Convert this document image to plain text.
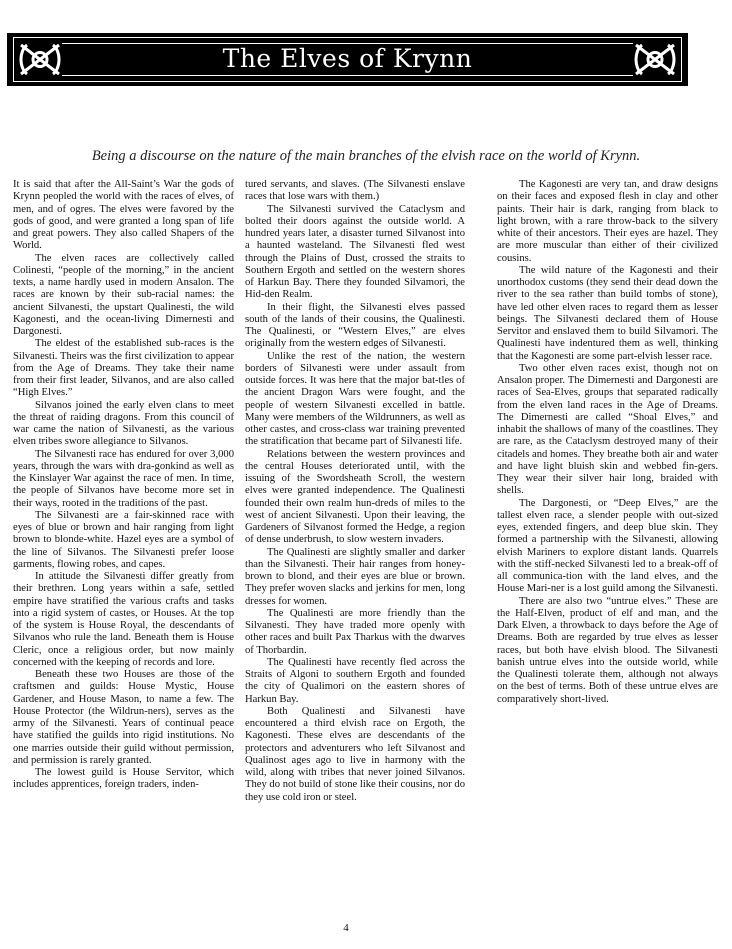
The Elves of Krynn
Being a discourse on the nature of the main branches of the elvish race on the world of Krynn.

It is said that after the All-Saint’s War the gods of Krynn peopled the world with the races of elves, of men, and of ogres. The elves were favored by the gods of good, and were granted a long span of life and great powers. They also called Shapers of the World.

The elven races are collectively called Colinesti, “people of the morning,” in the ancient texts, a name hardly used in modern Ansalon. The races are known by their sub-racial names: the ancient Silvanesti, the upstart Qualinesti, the wild Kagonesti, and the ocean-living Dimernesti and Dargonesti.

The eldest of the established sub-races is the Silvanesti. Theirs was the first civilization to appear from the Age of Dreams. They take their name from their first leader, Silvanos, and are also called “High Elves.”

Silvanos joined the early elven clans to meet the threat of raiding dragons. From this council of war came the nation of Silvanesti, as the various elven tribes swore allegiance to Silvanos.

The Silvanesti race has endured for over 3,000 years, through the wars with dra-gonkind as well as the Kinslayer War against the race of men. In time, the people of Silvanos have become more set in their ways, rooted in the traditions of the past.

The Silvanesti are a fair-skinned race with eyes of blue or brown and hair ranging from light brown to blonde-white. Hazel eyes are a symbol of the line of Silvanos. The Silvanesti prefer loose garments, flowing robes, and capes.

In attitude the Silvanesti differ greatly from their brethren. Long years within a safe, settled empire have stratified the various crafts and tasks into a rigid system of castes, or Houses. At the top of the system is House Royal, the descendants of Silvanos who rule the land. Beneath them is House Cleric, once a religious order, but now mainly concerned with the keeping of records and lore.

Beneath these two Houses are those of the craftsmen and guilds: House Mystic, House Gardener, and House Mason, to name a few. The House Protector (the Wildrun-ners), serves as the army of the Silvanesti. Years of continual peace have statified the guilds into rigid institutions. No one marries outside their guild without permission, and permission is rarely granted.

The lowest guild is House Servitor, which includes apprentices, foreign traders, inden-

tured servants, and slaves. (The Silvanesti enslave races that lose wars with them.)

The Silvanesti survived the Cataclysm and bolted their doors against the outside world. A hundred years later, a disaster turned Silvanost into a haunted wasteland. The Silvanesti fled west through the Plains of Dust, crossed the straits to Southern Ergoth and settled on the western shores of Harkun Bay. There they founded Silvamori, the Hid-den Realm.

In their flight, the Silvanesti elves passed south of the lands of their cousins, the Qualinesti. The Qualinesti, or “Western Elves,” are elves originally from the western edges of Silvanesti.

Unlike the rest of the nation, the western borders of Silvanesti were under assault from outside forces. It was here that the major bat-tles of the ancient Dragon Wars were fought, and the people of western Silvanesti excelled in battle. Many were members of the Wildrunners, as well as other castes, and cross-class war training prevented the stratification that became part of Silvanesti life.

Relations between the western provinces and the central Houses deteriorated until, with the issuing of the Swordsheath Scroll, the western elves were granted independence. The Qualinesti founded their own realm hun-dreds of miles to the west of ancient Silvanesti. Upon their leaving, the Gardeners of Silvanost formed the Hedge, a region of dense underbrush, to slow western invaders.

The Qualinesti are slightly smaller and darker than the Silvanesti. Their hair ranges from honey-brown to blond, and their eyes are blue or brown. They prefer woven slacks and jerkins for men, long dresses for women.

The Qualinesti are more friendly than the Silvanesti. They have traded more openly with other races and built Pax Tharkus with the dwarves of Thorbardin.

The Qualinesti have recently fled across the Straits of Algoni to southern Ergoth and founded the city of Qualimori on the eastern shores of Harkun Bay.

Both Qualinesti and Silvanesti have encountered a third elvish race on Ergoth, the Kagonesti. These elves are descendants of the protectors and adventurers who left Silvanost and Qualinost ages ago to live in harmony with the wild, along with tribes that never joined Silvanos. They do not build of stone like their cousins, nor do they use cold iron or steel.

The Kagonesti are very tan, and draw designs on their faces and exposed flesh in clay and other paints. Their hair is dark, ranging from black to light brown, with a rare throw-back to the silvery white of their ancestors. Their eyes are hazel. They are more muscular than either of their civilized cousins.

The wild nature of the Kagonesti and their unorthodox customs (they send their dead down the river to the sea rather than build tombs of stone), have led other elven races to regard them as lesser beings. The Silvanesti declared them of House Servitor and enslaved them to build Silvamori. The Qualinesti have indentured them as well, thinking that the Kagonesti are some part-elvish lesser race.

Two other elven races exist, though not on Ansalon proper. The Dimernesti and Dargonesti are races of Sea-Elves, groups that separated radically from the elven land races in the Age of Dreams. The Dimernesti are called “Shoal Elves,” and inhabit the shallows of many of the coastlines. They are rare, as the Cataclysm destroyed many of their citadels and homes. They breathe both air and water and have light bluish skin and webbed fin-gers. They wear their silver hair long, braided with shells.

The Dargonesti, or “Deep Elves,” are the tallest elven race, a slender people with out-sized eyes, extended fingers, and deep blue skin. They formed a partnership with the Silvanesti, allowing elvish Mariners to explore distant lands. Quarrels with the stiff-necked Silvanesti led to a break-off of all communica-tion with the land elves, and the House Mari-ner is a lost guild among the Silvanesti.

There are also two “untrue elves.” These are the Half-Elven, product of elf and man, and the Dark Elven, a throwback to days before the Age of Dreams. Both are regarded by true elves as lesser races, but both have elvish blood. The Silvanesti banish untrue elves into the outside world, while the Qualinesti tolerate them, although not always on the best of terms. Both of these untrue elves are comparatively short-lived.

4
